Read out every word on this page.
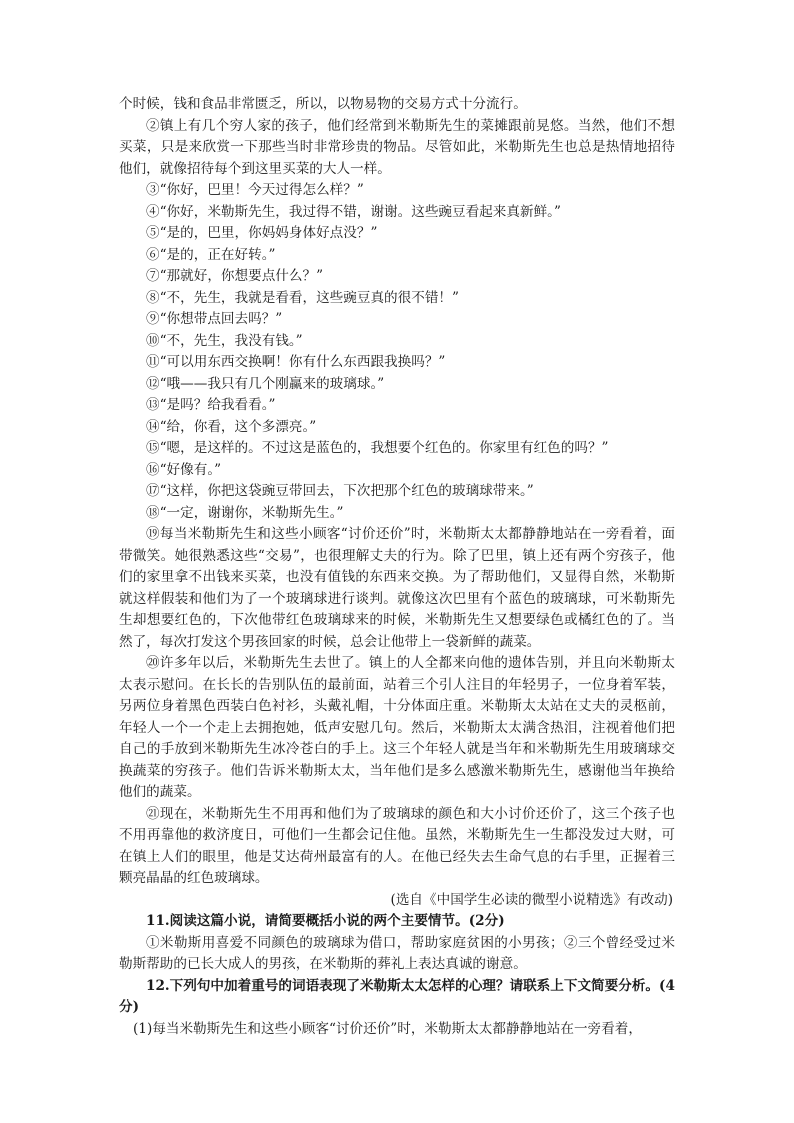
个时候，钱和食品非常匮乏，所以，以物易物的交易方式十分流行。

②镇上有几个穷人家的孩子，他们经常到米勒斯先生的菜摊跟前晃悠。当然，他们不想买菜，只是来欣赏一下那些当时非常珍贵的物品。尽管如此，米勒斯先生也总是热情地招待他们，就像招待每个到这里买菜的大人一样。

③“你好，巴里！今天过得怎么样？”

④“你好，米勒斯先生，我过得不错，谢谢。这些豌豆看起来真新鲜。”

⑤“是的，巴里，你妈妈身体好点没？”

⑥“是的，正在好转。”

⑦“那就好，你想要点什么？”

⑧“不，先生，我就是看看，这些豌豆真的很不错！”

⑨“你想带点回去吗？”

⑩“不，先生，我没有钱。”

⑪“可以用东西交换啊！你有什么东西跟我换吗？”

⑫“哦——我只有几个刚赢来的玻璃球。”

⑬“是吗？给我看看。”

⑭“给，你看，这个多漂亮。”

⑮“嗯，是这样的。不过这是蓝色的，我想要个红色的。你家里有红色的吗？”

⑯“好像有。”

⑰“这样，你把这袋豌豆带回去，下次把那个红色的玻璃球带来。”

⑱“一定，谢谢你，米勒斯先生。”

⑲每当米勒斯先生和这些小顾客“讨价还价”时，米勒斯太太都静静地站在一旁看着，面带微笑。她很熟悉这些“交易”，也很理解丈夫的行为。除了巴里，镇上还有两个穷孩子，他们的家里拿不出钱来买菜，也没有值钱的东西来交换。为了帮助他们，又显得自然，米勒斯就这样假装和他们为了一个玻璃球进行谈判。就像这次巴里有个蓝色的玻璃球，可米勒斯先生却想要红色的，下次他带红色玻璃球来的时候，米勒斯先生又想要绿色或橘红色的了。当然了，每次打发这个男孩回家的时候，总会让他带上一袋新鲜的蔬菜。

⑳许多年以后，米勒斯先生去世了。镇上的人全都来向他的遗体告别，并且向米勒斯太太表示慰问。在长长的告别队伍的最前面，站着三个引人注目的年轻男子，一位身着军装，另两位身着黑色西装白色衬衫，头戴礼帽，十分体面庄重。米勒斯太太站在丈夫的灵柩前，年轻人一个一个走上去拥抱她，低声安慰几句。然后，米勒斯太太满含热泪，注视着他们把自己的手放到米勒斯先生冰冷苍白的手上。这三个年轻人就是当年和米勒斯先生用玻璃球交换蔬菜的穷孩子。他们告诉米勒斯太太，当年他们是多么感激米勒斯先生，感谢他当年换给他们的蔬菜。

㉑现在，米勒斯先生不用再和他们为了玻璃球的颜色和大小讨价还价了，这三个孩子也不用再靠他的救济度日，可他们一生都会记住他。虽然，米勒斯先生一生都没发过大财，可在镇上人们的眼里，他是艾达荷州最富有的人。在他已经失去生命气息的右手里，正握着三颗亮晶晶的红色玻璃球。

(选自《中国学生必读的微型小说精选》有改动)

11.阅读这篇小说，请简要概括小说的两个主要情节。(2分)

①米勒斯用喜爱不同颜色的玻璃球为借口，帮助家庭贫困的小男孩；②三个曾经受过米勒斯帮助的已长大成人的男孩，在米勒斯的葬礼上表达真诚的谢意。

12.下列句中加着重号的词语表现了米勒斯太太怎样的心理？请联系上下文简要分析。(4分)

(1)每当米勒斯先生和这些小顾客“讨价还价”时，米勒斯太太都静静地站在一旁看着，
